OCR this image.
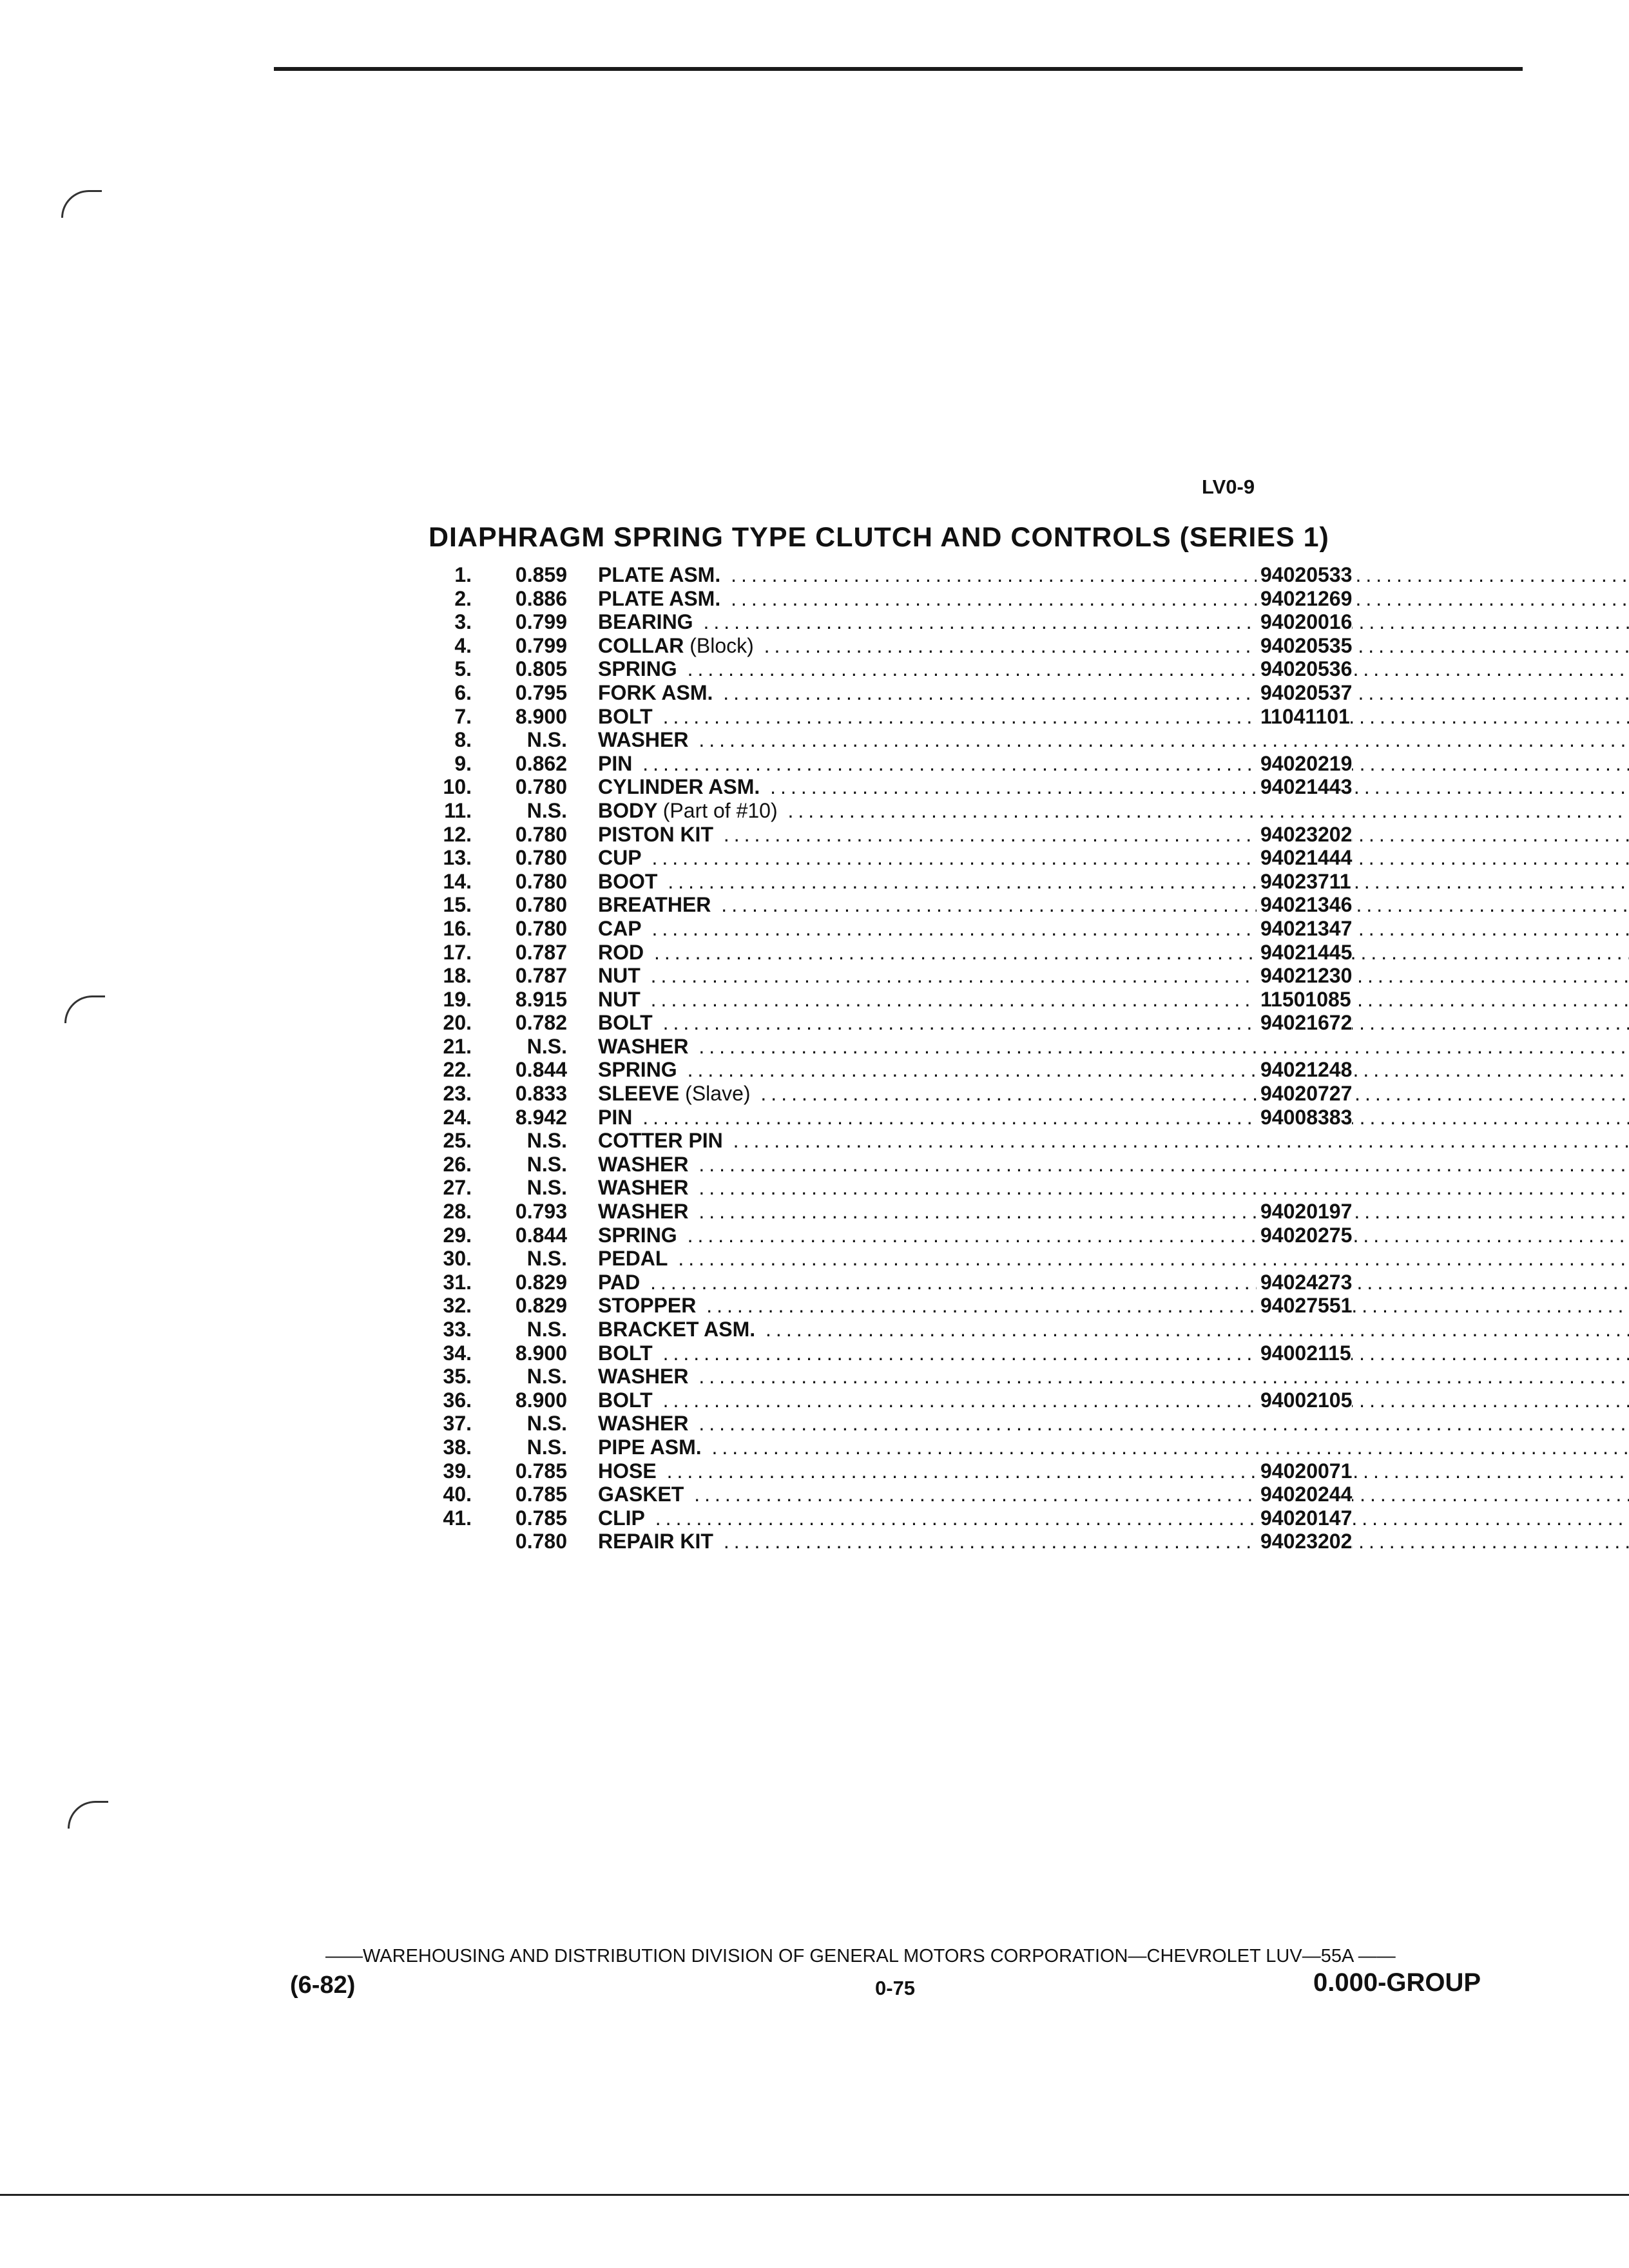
LV0-9
DIAPHRAGM SPRING TYPE CLUTCH AND CONTROLS (SERIES 1)
1.	0.859 PLATE ASM. .....	94020533
2.	0.886 PLATE ASM. .....	94021269
3.	0.799 BEARING .....	94020016
4.	0.799 COLLAR (Block) .....	94020535
5.	0.805 SPRING .....	94020536
6.	0.795 FORK ASM. .....	94020537
7.	8.900 BOLT .....	11041101
8.	N.S. WASHER .....
9.	0.862 PIN .....	94020219
10.	0.780 CYLINDER ASM. .....	94021443
11.	N.S. BODY (Part of #10) .....
12.	0.780 PISTON KIT .....	94023202
13.	0.780 CUP .....	94021444
14.	0.780 BOOT .....	94023711
15.	0.780 BREATHER .....	94021346
16.	0.780 CAP .....	94021347
17.	0.787 ROD .....	94021445
18.	0.787 NUT .....	94021230
19.	8.915 NUT .....	11501085
20.	0.782 BOLT .....	94021672
21.	N.S. WASHER .....
22.	0.844 SPRING .....	94021248
23.	0.833 SLEEVE (Slave) .....	94020727
24.	8.942 PIN .....	94008383
25.	N.S. COTTER PIN .....
26.	N.S. WASHER .....
27.	N.S. WASHER .....
28.	0.793 WASHER .....	94020197
29.	0.844 SPRING .....	94020275
30.	N.S. PEDAL .....
31.	0.829 PAD .....	94024273
32.	0.829 STOPPER .....	94027551
33.	N.S. BRACKET ASM. .....
34.	8.900 BOLT .....	94002115
35.	N.S. WASHER .....
36.	8.900 BOLT .....	94002105
37.	N.S. WASHER .....
38.	N.S. PIPE ASM. .....
39.	0.785 HOSE .....	94020071
40.	0.785 GASKET .....	94020244
41.	0.785 CLIP .....	94020147
0.780 REPAIR KIT .....	94023202
——WAREHOUSING AND DISTRIBUTION DIVISION OF GENERAL MOTORS CORPORATION—CHEVROLET LUV—55A ——
(6-82)	0-75	0.000-GROUP
